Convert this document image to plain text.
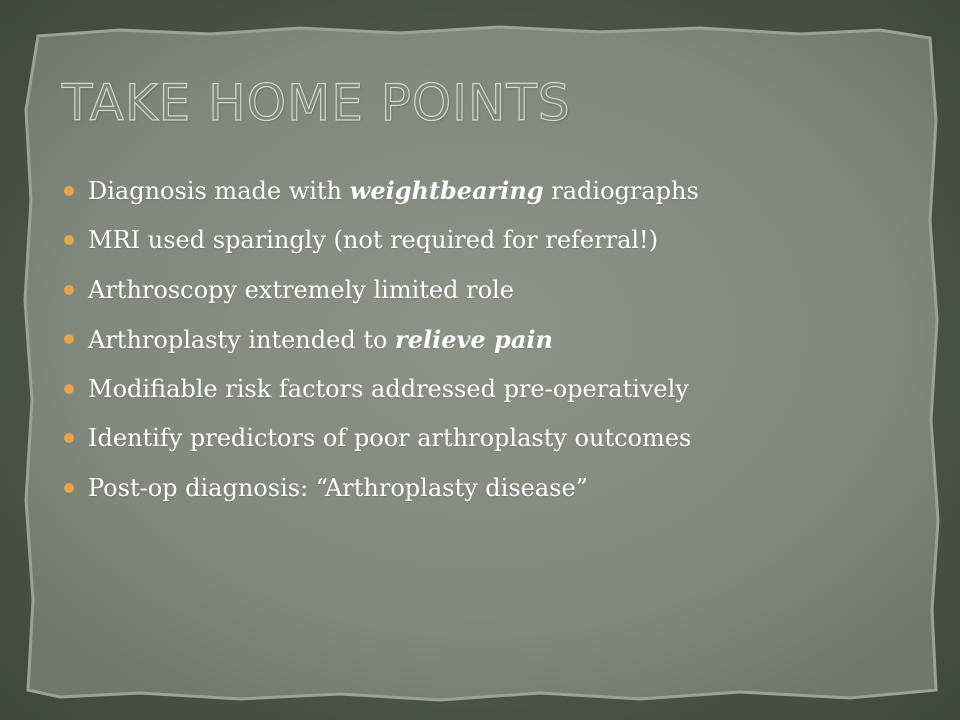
TAKE HOME POINTS
Diagnosis made with weightbearing radiographs
MRI used sparingly (not required for referral!)
Arthroscopy extremely limited role
Arthroplasty intended to relieve pain
Modifiable risk factors addressed pre-operatively
Identify predictors of poor arthroplasty outcomes
Post-op diagnosis: “Arthroplasty disease”
